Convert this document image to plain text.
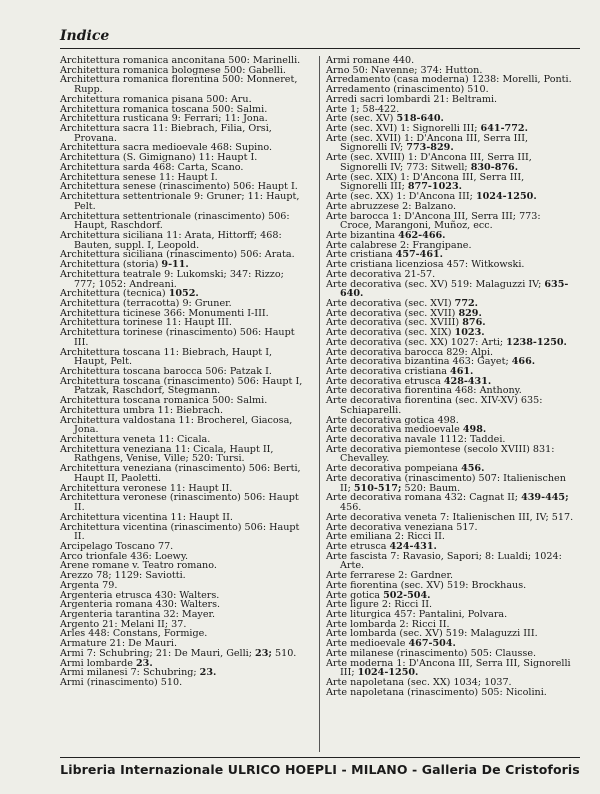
Indice

Architettura romanica anconitana 500: Marinelli.

Architettura romanica bolognese 500: Gabelli.

Architettura romanica florentina 500: Monneret, Rupp.

Architettura romanica pisana 500: Aru.

Architettura romanica toscana 500: Salmi.

Architettura rusticana 9: Ferrari; 11: Jona.

Architettura sacra 11: Biebrach, Filia, Orsi, Provana.

Architettura sacra medioevale 468: Supino.

Architettura (S. Gimignano) 11: Haupt I.

Architettura sarda 468: Carta, Scano.

Architettura senese 11: Haupt I.

Architettura senese (rinascimento) 506: Haupt I.

Architettura settentrionale 9: Gruner; 11: Haupt, Pelt.

Architettura settentrionale (rinascimento) 506: Haupt, Raschdorf.

Architettura siciliana 11: Arata, Hittorff; 468: Bauten, suppl. I, Leopold.

Architettura siciliana (rinascimento) 506: Arata.

Architettura (storia) 9-11.

Architettura teatrale 9: Lukomski; 347: Rizzo; 777; 1052: Andreani.

Architettura (tecnica) 1052.

Architettura (terracotta) 9: Gruner.

Architettura ticinese 366: Monumenti I-III.

Architettura torinese 11: Haupt III.

Architettura torinese (rinascimento) 506: Haupt III.

Architettura toscana 11: Biebrach, Haupt I, Haupt, Pelt.

Architettura toscana barocca 506: Patzak I.

Architettura toscana (rinascimento) 506: Haupt I, Patzak, Raschdorf, Stegmann.

Architettura toscana romanica 500: Salmi.

Architettura umbra 11: Biebrach.

Architettura valdostana 11: Brocherel, Giacosa, Jona.

Architettura veneta 11: Cicala.

Architettura veneziana 11: Cicala, Haupt II, Rathgens, Venise, Ville; 520: Tursi.

Architettura veneziana (rinascimento) 506: Berti, Haupt II, Paoletti.

Architettura veronese 11: Haupt II.

Architettura veronese (rinascimento) 506: Haupt II.

Architettura vicentina 11: Haupt II.

Architettura vicentina (rinascimento) 506: Haupt II.

Arcipelago Toscano 77.

Arco trionfale 436: Loewy.

Arene romane v. Teatro romano.

Arezzo 78; 1129: Saviotti.

Argenta 79.

Argenteria etrusca 430: Walters.

Argenteria romana 430: Walters.

Argenteria tarantina 32: Mayer.

Argento 21: Melani II; 37.

Arles 448: Constans, Formige.

Armature 21: De Mauri.

Armi 7: Schubring; 21: De Mauri, Gelli; 23; 510.

Armi lombarde 23.

Armi milanesi 7: Schubring; 23.

Armi (rinascimento) 510.

Armi romane 440.

Arno 50: Navenne; 374: Hutton.

Arredamento (casa moderna) 1238: Morelli, Ponti.

Arredamento (rinascimento) 510.

Arredi sacri lombardi 21: Beltrami.

Arte 1; 58-422.

Arte (sec. XV) 518-640.

Arte (sec. XVI) 1: Signorelli III; 641-772.

Arte (sec. XVII) 1: D'Ancona III, Serra III, Signorelli IV; 773-829.

Arte (sec. XVIII) 1: D'Ancona III, Serra III, Signorelli IV; 773: Sitwell; 830-876.

Arte (sec. XIX) 1: D'Ancona III, Serra III, Signorelli III; 877-1023.

Arte (sec. XX) 1: D'Ancona III; 1024-1250.

Arte abruzzese 2: Balzano.

Arte barocca 1: D'Ancona III, Serra III; 773: Croce, Marangoni, Muñoz, ecc.

Arte bizantina 462-466.

Arte calabrese 2: Frangipane.

Arte cristiana 457-461.

Arte cristiana licenziosa 457: Witkowski.

Arte decorativa 21-57.

Arte decorativa (sec. XV) 519: Malaguzzi IV; 635-640.

Arte decorativa (sec. XVI) 772.

Arte decorativa (sec. XVII) 829.

Arte decorativa (sec. XVIII) 876.

Arte decorativa (sec. XIX) 1023.

Arte decorativa (sec. XX) 1027: Arti; 1238-1250.

Arte decorativa barocca 829: Alpi.

Arte decorativa bizantina 463: Gayet; 466.

Arte decorativa cristiana 461.

Arte decorativa etrusca 428-431.

Arte decorativa fiorentina 468: Anthony.

Arte decorativa fiorentina (sec. XIV-XV) 635: Schiaparelli.

Arte decorativa gotica 498.

Arte decorativa medioevale 498.

Arte decorativa navale 1112: Taddei.

Arte decorativa piemontese (secolo XVIII) 831: Chevalley.

Arte decorativa pompeiana 456.

Arte decorativa (rinascimento) 507: Italienischen II; 510-517; 520: Baum.

Arte decorativa romana 432: Cagnat II; 439-445; 456.

Arte decorativa veneta 7: Italienischen III, IV; 517.

Arte decorativa veneziana 517.

Arte emiliana 2: Ricci II.

Arte etrusca 424-431.

Arte fascista 7: Ravasio, Sapori; 8: Lualdi; 1024: Arte.

Arte ferrarese 2: Gardner.

Arte fiorentina (sec. XV) 519: Brockhaus.

Arte gotica 502-504.

Arte ligure 2: Ricci II.

Arte liturgica 457: Pantalini, Polvara.

Arte lombarda 2: Ricci II.

Arte lombarda (sec. XV) 519: Malaguzzi III.

Arte medioevale 467-504.

Arte milanese (rinascimento) 505: Clausse.

Arte moderna 1: D'Ancona III, Serra III, Signorelli III; 1024-1250.

Arte napoletana (sec. XX) 1034; 1037.

Arte napoletana (rinascimento) 505: Nicolini.

Libreria Internazionale ULRICO HOEPLI - MILANO - Galleria De Cristoforis
